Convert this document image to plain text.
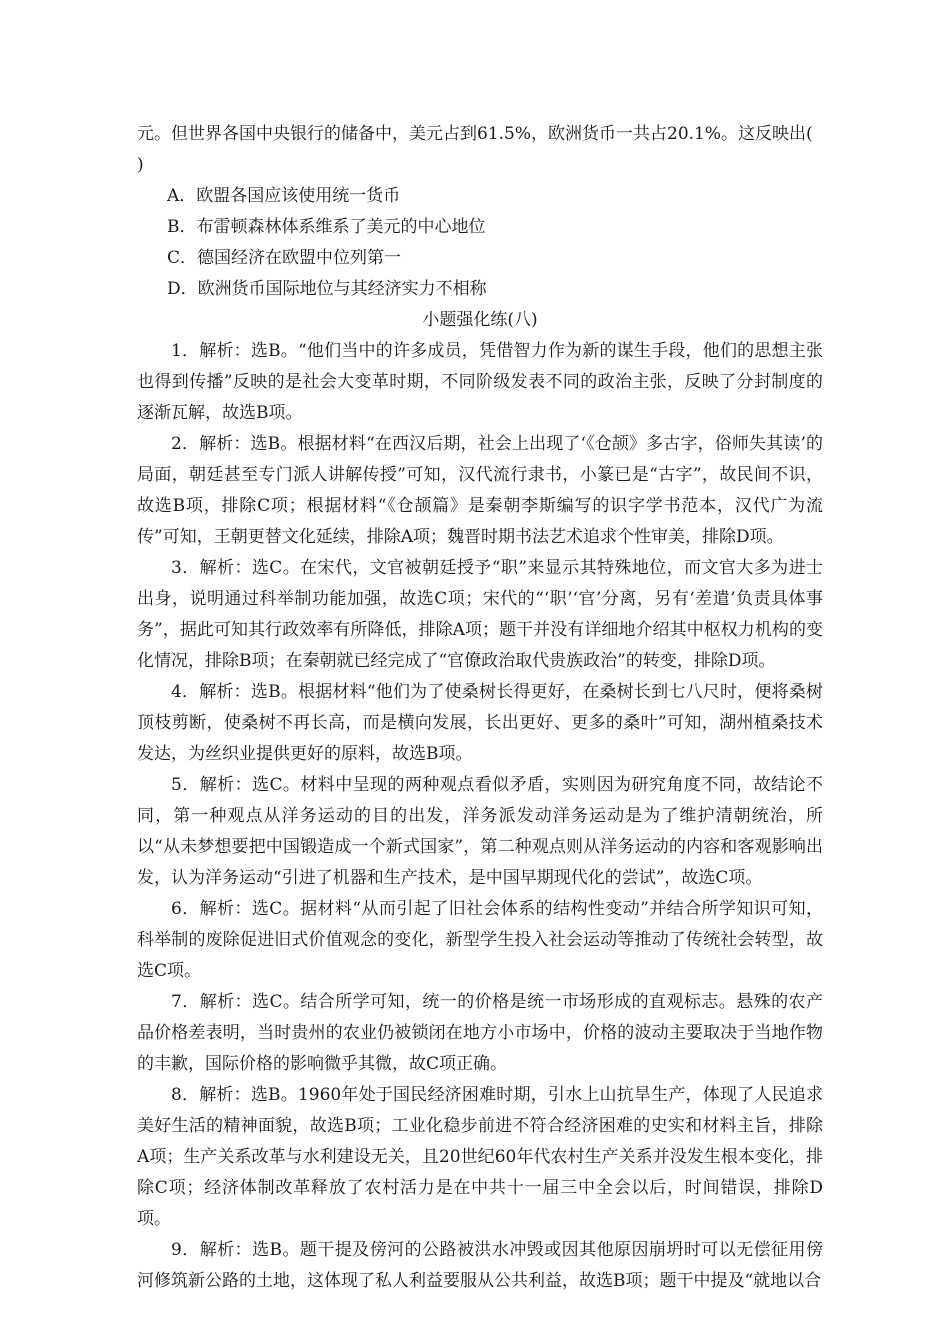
元。但世界各国中央银行的储备中，美元占到61.5%，欧洲货币一共占20.1%。这反映出(
)
A．欧盟各国应该使用统一货币
B．布雷顿森林体系维系了美元的中心地位
C．德国经济在欧盟中位列第一
D．欧洲货币国际地位与其经济实力不相称
小题强化练(八)

1．解析：选B。“他们当中的许多成员，凭借智力作为新的谋生手段，他们的思想主张也得到传播”反映的是社会大变革时期，不同阶级发表不同的政治主张，反映了分封制度的逐渐瓦解，故选B项。

2．解析：选B。根据材料“在西汉后期，社会上出现了‘《仓颉》多古字，俗师失其读’的局面，朝廷甚至专门派人讲解传授”可知，汉代流行隶书，小篆已是“古字”，故民间不识，故选B项，排除C项；根据材料“《仓颉篇》是秦朝李斯编写的识字学书范本，汉代广为流传”可知，王朝更替文化延续，排除A项；魏晋时期书法艺术追求个性审美，排除D项。

3．解析：选C。在宋代，文官被朝廷授予“职”来显示其特殊地位，而文官大多为进士出身，说明通过科举制功能加强，故选C项；宋代的“‘职’‘官’分离，另有‘差遣’负责具体事务”，据此可知其行政效率有所降低，排除A项；题干并没有详细地介绍其中枢权力机构的变化情况，排除B项；在秦朝就已经完成了“官僚政治取代贵族政治”的转变，排除D项。

4．解析：选B。根据材料“他们为了使桑树长得更好，在桑树长到七八尺时，便将桑树顶枝剪断，使桑树不再长高，而是横向发展，长出更好、更多的桑叶”可知，湖州植桑技术发达，为丝织业提供更好的原料，故选B项。

5．解析：选C。材料中呈现的两种观点看似矛盾，实则因为研究角度不同，故结论不同，第一种观点从洋务运动的目的出发，洋务派发动洋务运动是为了维护清朝统治，所以“从未梦想要把中国锻造成一个新式国家”，第二种观点则从洋务运动的内容和客观影响出发，认为洋务运动“引进了机器和生产技术，是中国早期现代化的尝试”，故选C项。

6．解析：选C。据材料“从而引起了旧社会体系的结构性变动”并结合所学知识可知，科举制的废除促进旧式价值观念的变化，新型学生投入社会运动等推动了传统社会转型，故选C项。

7．解析：选C。结合所学可知，统一的价格是统一市场形成的直观标志。悬殊的农产品价格差表明，当时贵州的农业仍被锁闭在地方小市场中，价格的波动主要取决于当地作物的丰歉，国际价格的影响微乎其微，故C项正确。

8．解析：选B。1960年处于国民经济困难时期，引水上山抗旱生产，体现了人民追求美好生活的精神面貌，故选B项；工业化稳步前进不符合经济困难的史实和材料主旨，排除A项；生产关系改革与水利建设无关，且20世纪60年代农村生产关系并没发生根本变化，排除C项；经济体制改革释放了农村活力是在中共十一届三中全会以后，时间错误，排除D项。

9．解析：选B。题干提及傍河的公路被洪水冲毁或因其他原因崩坍时可以无偿征用傍河修筑新公路的土地，这体现了私人利益要服从公共利益，故选B项；题干中提及“就地以合
